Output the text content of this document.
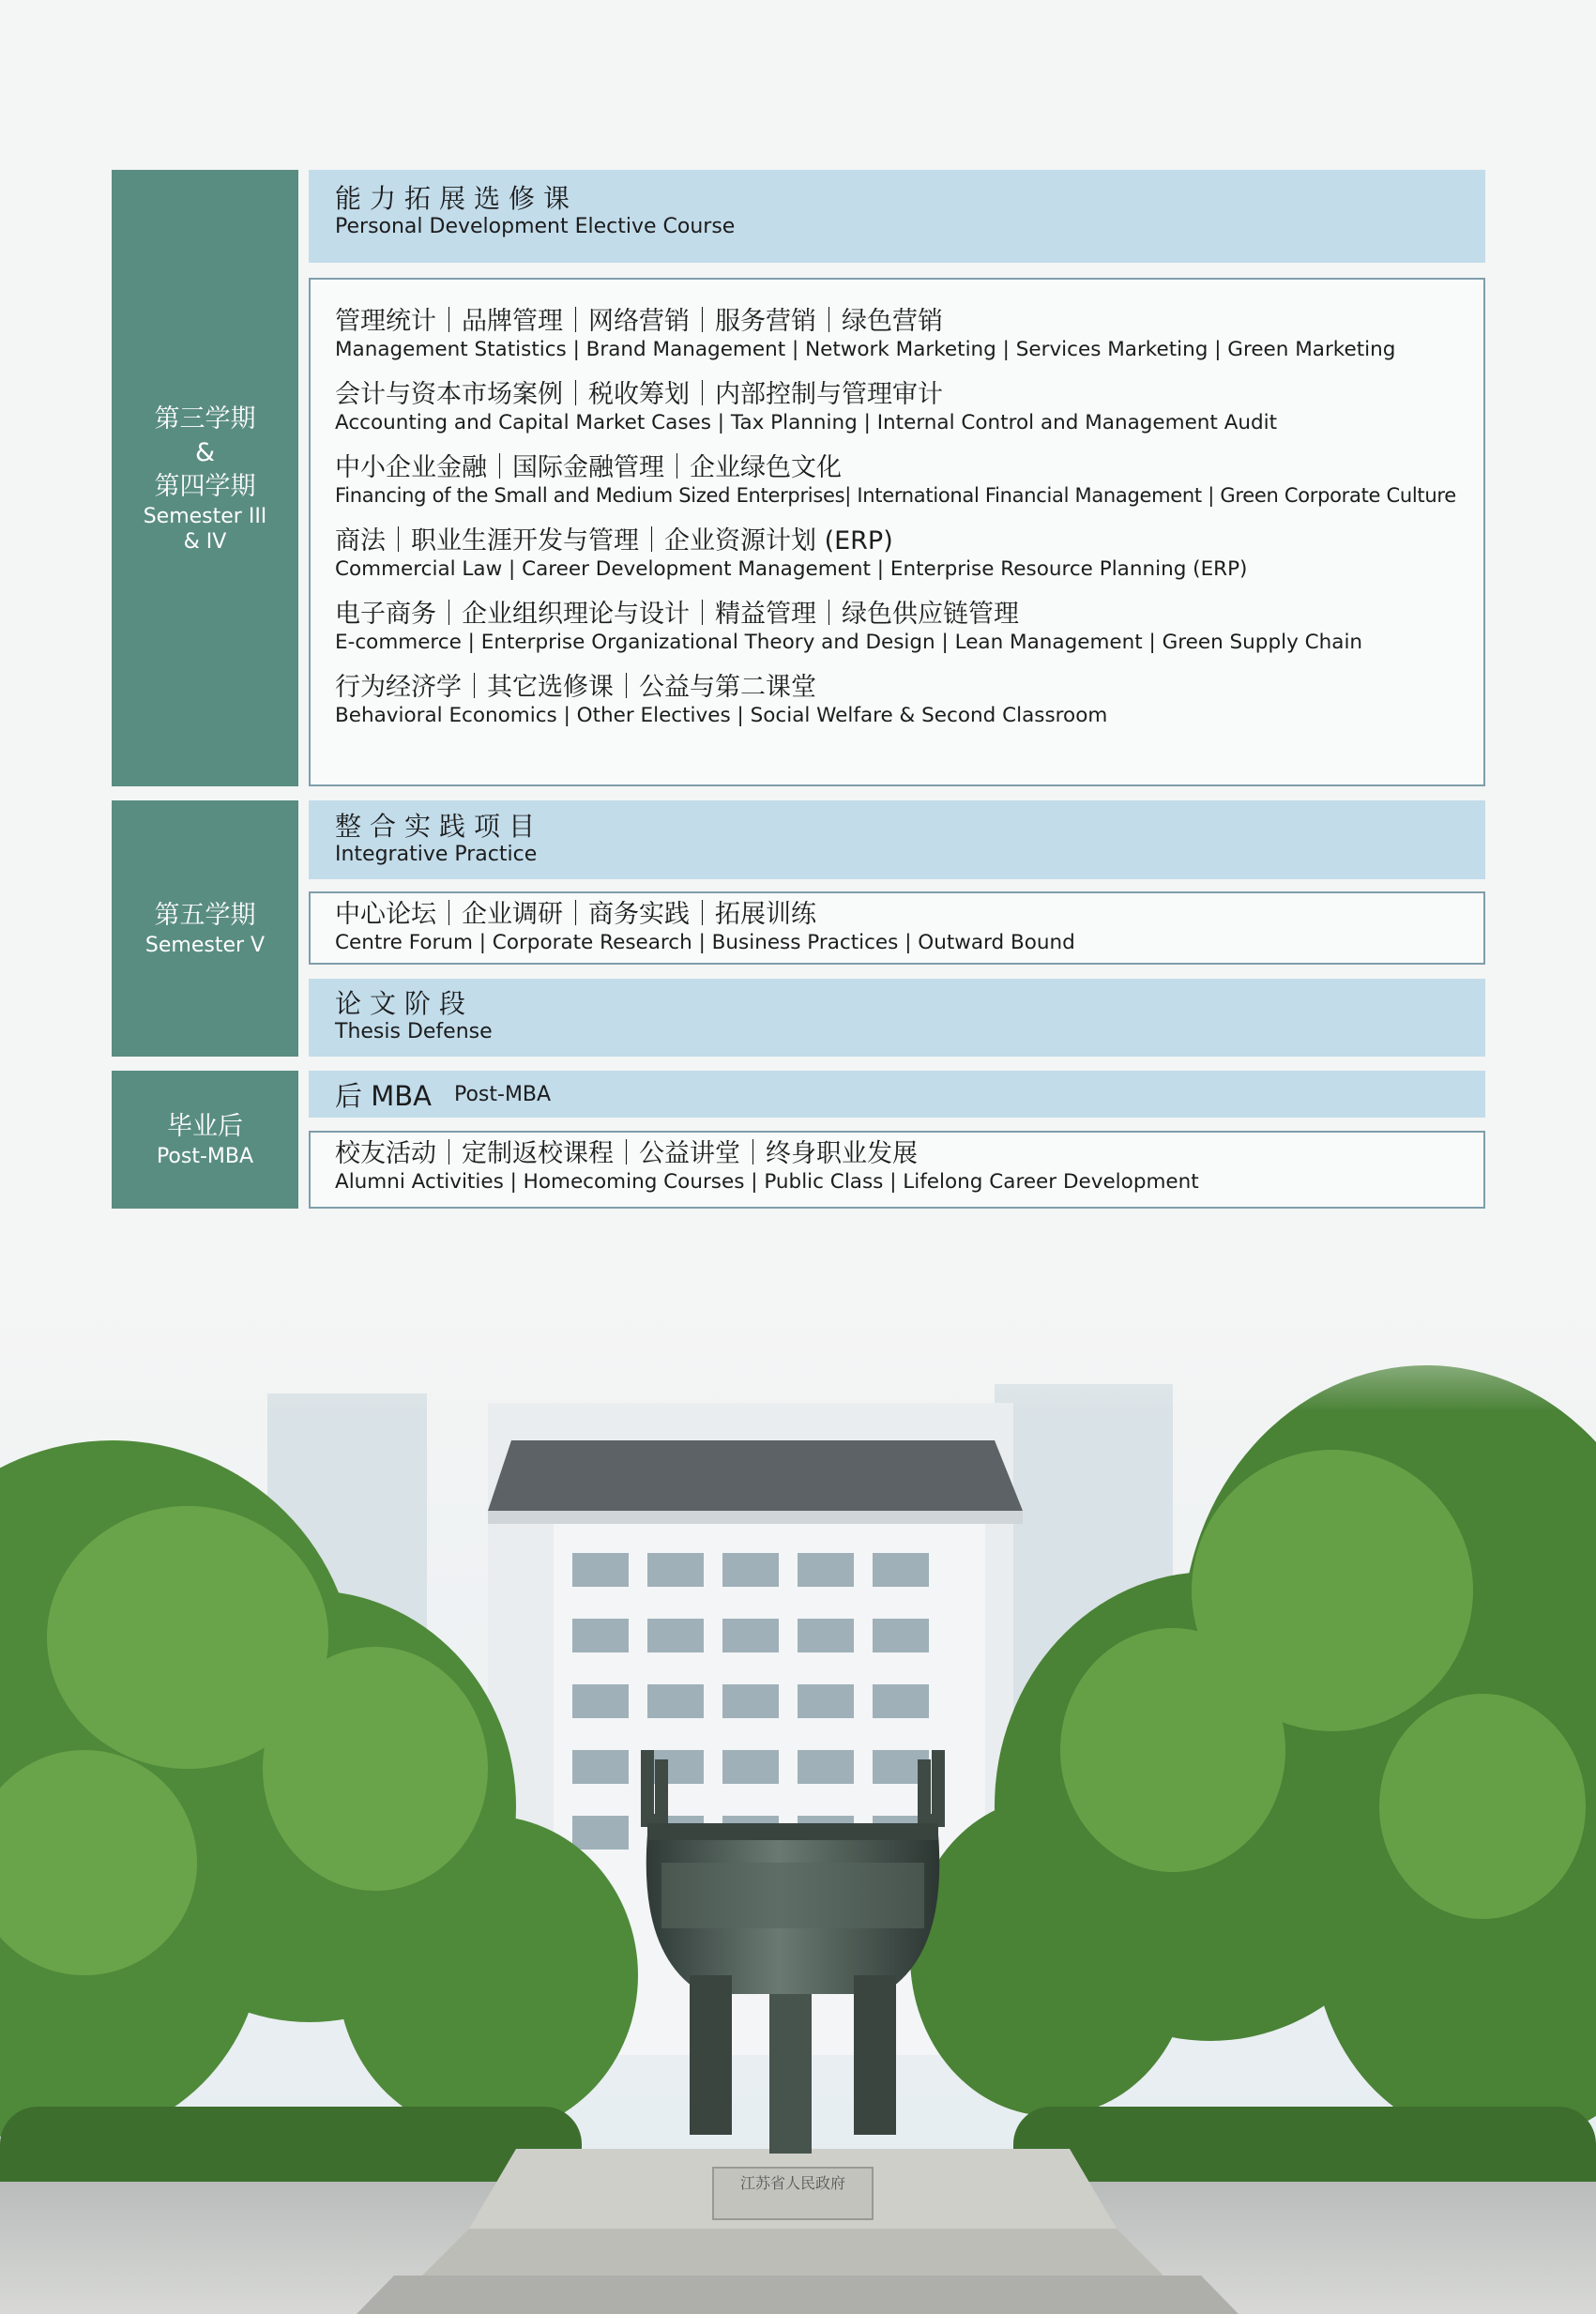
第三学期
&
第四学期
Semester III
& IV
能力拓展选修课
Personal Development Elective Course
管理统计｜品牌管理｜网络营销｜服务营销｜绿色营销
Management Statistics | Brand Management | Network Marketing | Services Marketing | Green Marketing
会计与资本市场案例｜税收筹划｜内部控制与管理审计
Accounting and Capital Market Cases | Tax Planning | Internal Control and Management Audit
中小企业金融｜国际金融管理｜企业绿色文化
Financing of the Small and Medium Sized Enterprises| International Financial Management | Green Corporate Culture
商法｜职业生涯开发与管理｜企业资源计划 (ERP)
Commercial Law | Career Development Management | Enterprise Resource Planning (ERP)
电子商务｜企业组织理论与设计｜精益管理｜绿色供应链管理
E-commerce | Enterprise Organizational Theory and Design | Lean Management | Green Supply Chain
行为经济学｜其它选修课｜公益与第二课堂
Behavioral Economics | Other Electives | Social Welfare & Second Classroom
第五学期
Semester V
整合实践项目
Integrative Practice
中心论坛｜企业调研｜商务实践｜拓展训练
Centre Forum | Corporate Research | Business Practices | Outward Bound
论文阶段
Thesis Defense
毕业后
Post-MBA
后 MBA Post-MBA
校友活动｜定制返校课程｜公益讲堂｜终身职业发展
Alumni Activities | Homecoming Courses | Public Class | Lifelong Career Development
江苏省人民政府
